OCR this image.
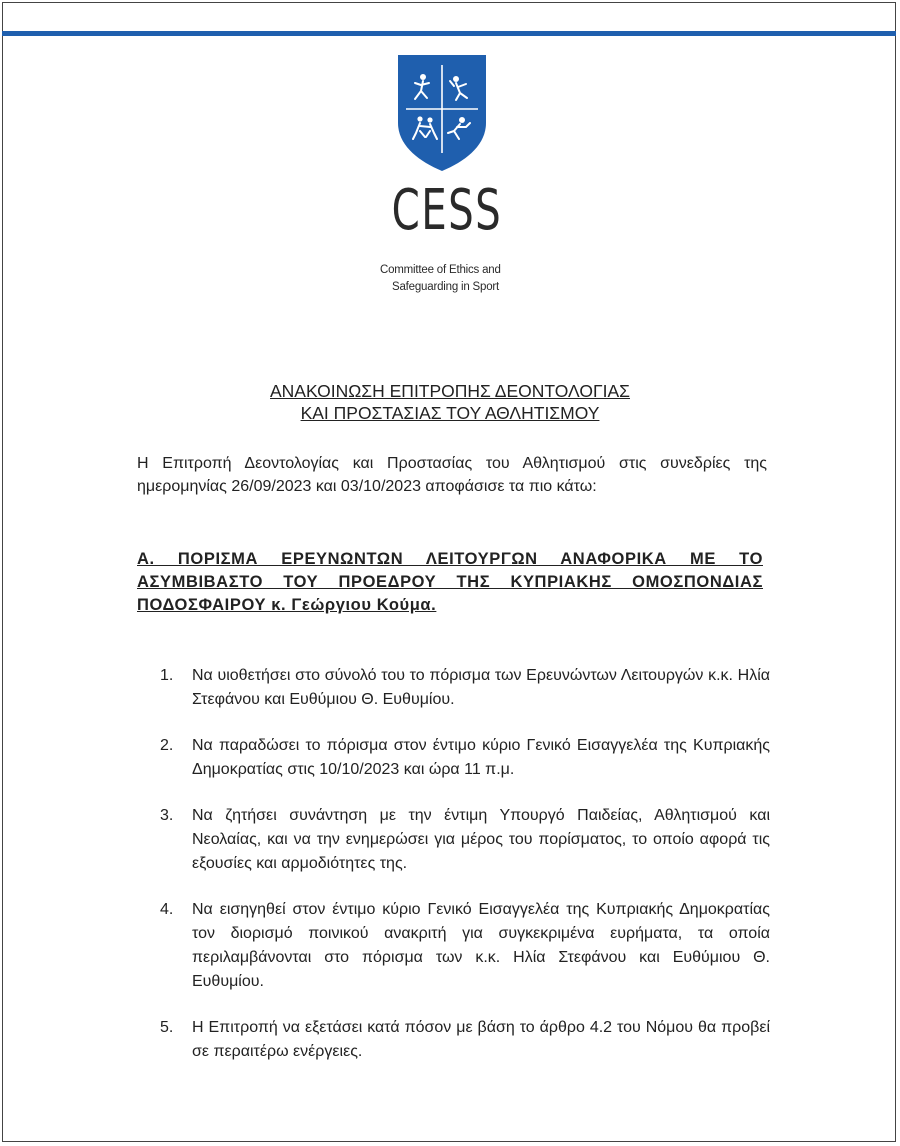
CESS
Committee of Ethics and
Safeguarding in Sport
ΑΝΑΚΟΙΝΩΣΗ ΕΠΙΤΡΟΠΗΣ ΔΕΟΝΤΟΛΟΓΙΑΣ
ΚΑΙ ΠΡΟΣΤΑΣΙΑΣ ΤΟΥ ΑΘΛΗΤΙΣΜΟΥ
Η Επιτροπή Δεοντολογίας και Προστασίας του Αθλητισμού στις συνεδρίες της ημερομηνίας 26/09/2023 και 03/10/2023 αποφάσισε τα πιο κάτω:
Α. ΠΟΡΙΣΜΑ ΕΡΕΥΝΩΝΤΩΝ ΛΕΙΤΟΥΡΓΩΝ ΑΝΑΦΟΡΙΚΑ ΜΕ ΤΟ ΑΣΥΜΒΙΒΑΣΤΟ ΤΟΥ ΠΡΟΕΔΡΟΥ ΤΗΣ ΚΥΠΡΙΑΚΗΣ ΟΜΟΣΠΟΝΔΙΑΣ ΠΟΔΟΣΦΑΙΡΟΥ κ. Γεώργιου Κούμα.
1.	Να υιοθετήσει στο σύνολό του το πόρισμα των Ερευνώντων Λειτουργών κ.κ. Ηλία Στεφάνου και Ευθύμιου Θ. Ευθυμίου.
2.	Να παραδώσει το πόρισμα στον έντιμο κύριο Γενικό Εισαγγελέα της Κυπριακής Δημοκρατίας στις 10/10/2023 και ώρα 11 π.μ.
3.	Να ζητήσει συνάντηση με την έντιμη Υπουργό Παιδείας, Αθλητισμού και Νεολαίας, και να την ενημερώσει για μέρος του πορίσματος, το οποίο αφορά τις εξουσίες και αρμοδιότητες της.
4.	Να εισηγηθεί στον έντιμο κύριο Γενικό Εισαγγελέα της Κυπριακής Δημοκρατίας τον διορισμό ποινικού ανακριτή για συγκεκριμένα ευρήματα, τα οποία περιλαμβάνονται στο πόρισμα των κ.κ. Ηλία Στεφάνου και Ευθύμιου Θ. Ευθυμίου.
5.	Η Επιτροπή να εξετάσει κατά πόσον με βάση το άρθρο 4.2 του Νόμου θα προβεί σε περαιτέρω ενέργειες.
